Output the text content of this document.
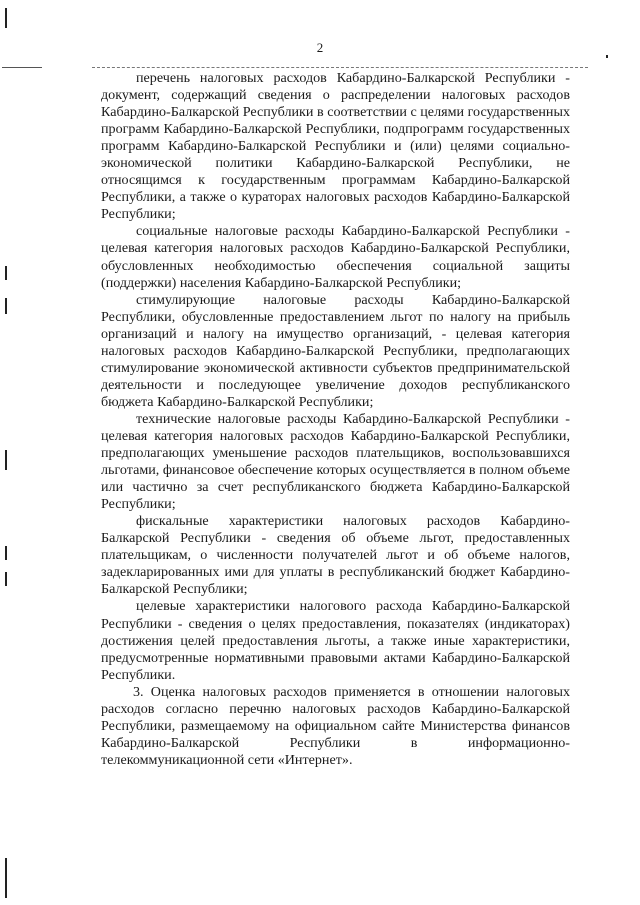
2

перечень налоговых расходов Кабардино-Балкарской Республики - документ, содержащий сведения о распределении налоговых расходов Кабардино-Балкарской Республики в соответствии с целями государственных программ Кабардино-Балкарской Республики, подпрограмм государственных программ Кабардино-Балкарской Республики и (или) целями социально-экономической политики Кабардино-Балкарской Республики, не относящимся к государственным программам Кабардино-Балкарской Республики, а также о кураторах налоговых расходов Кабардино-Балкарской Республики;

социальные налоговые расходы Кабардино-Балкарской Республики - целевая категория налоговых расходов Кабардино-Балкарской Республики, обусловленных необходимостью обеспечения социальной защиты (поддержки) населения Кабардино-Балкарской Республики;

стимулирующие налоговые расходы Кабардино-Балкарской Республики, обусловленные предоставлением льгот по налогу на прибыль организаций и налогу на имущество организаций, - целевая категория налоговых расходов Кабардино-Балкарской Республики, предполагающих стимулирование экономической активности субъектов предпринимательской деятельности и последующее увеличение доходов республиканского бюджета Кабардино-Балкарской Республики;

технические налоговые расходы Кабардино-Балкарской Республики - целевая категория налоговых расходов Кабардино-Балкарской Республики, предполагающих уменьшение расходов плательщиков, воспользовавшихся льготами, финансовое обеспечение которых осуществляется в полном объеме или частично за счет республиканского бюджета Кабардино-Балкарской Республики;

фискальные характеристики налоговых расходов Кабардино-Балкарской Республики - сведения об объеме льгот, предоставленных плательщикам, о численности получателей льгот и об объеме налогов, задекларированных ими для уплаты в республиканский бюджет Кабардино-Балкарской Республики;

целевые характеристики налогового расхода Кабардино-Балкарской Республики - сведения о целях предоставления, показателях (индикаторах) достижения целей предоставления льготы, а также иные характеристики, предусмотренные нормативными правовыми актами Кабардино-Балкарской Республики.

3. Оценка налоговых расходов применяется в отношении налоговых расходов согласно перечню налоговых расходов Кабардино-Балкарской Республики, размещаемому на официальном сайте Министерства финансов Кабардино-Балкарской Республики в информационно-телекоммуникационной сети «Интернет».
